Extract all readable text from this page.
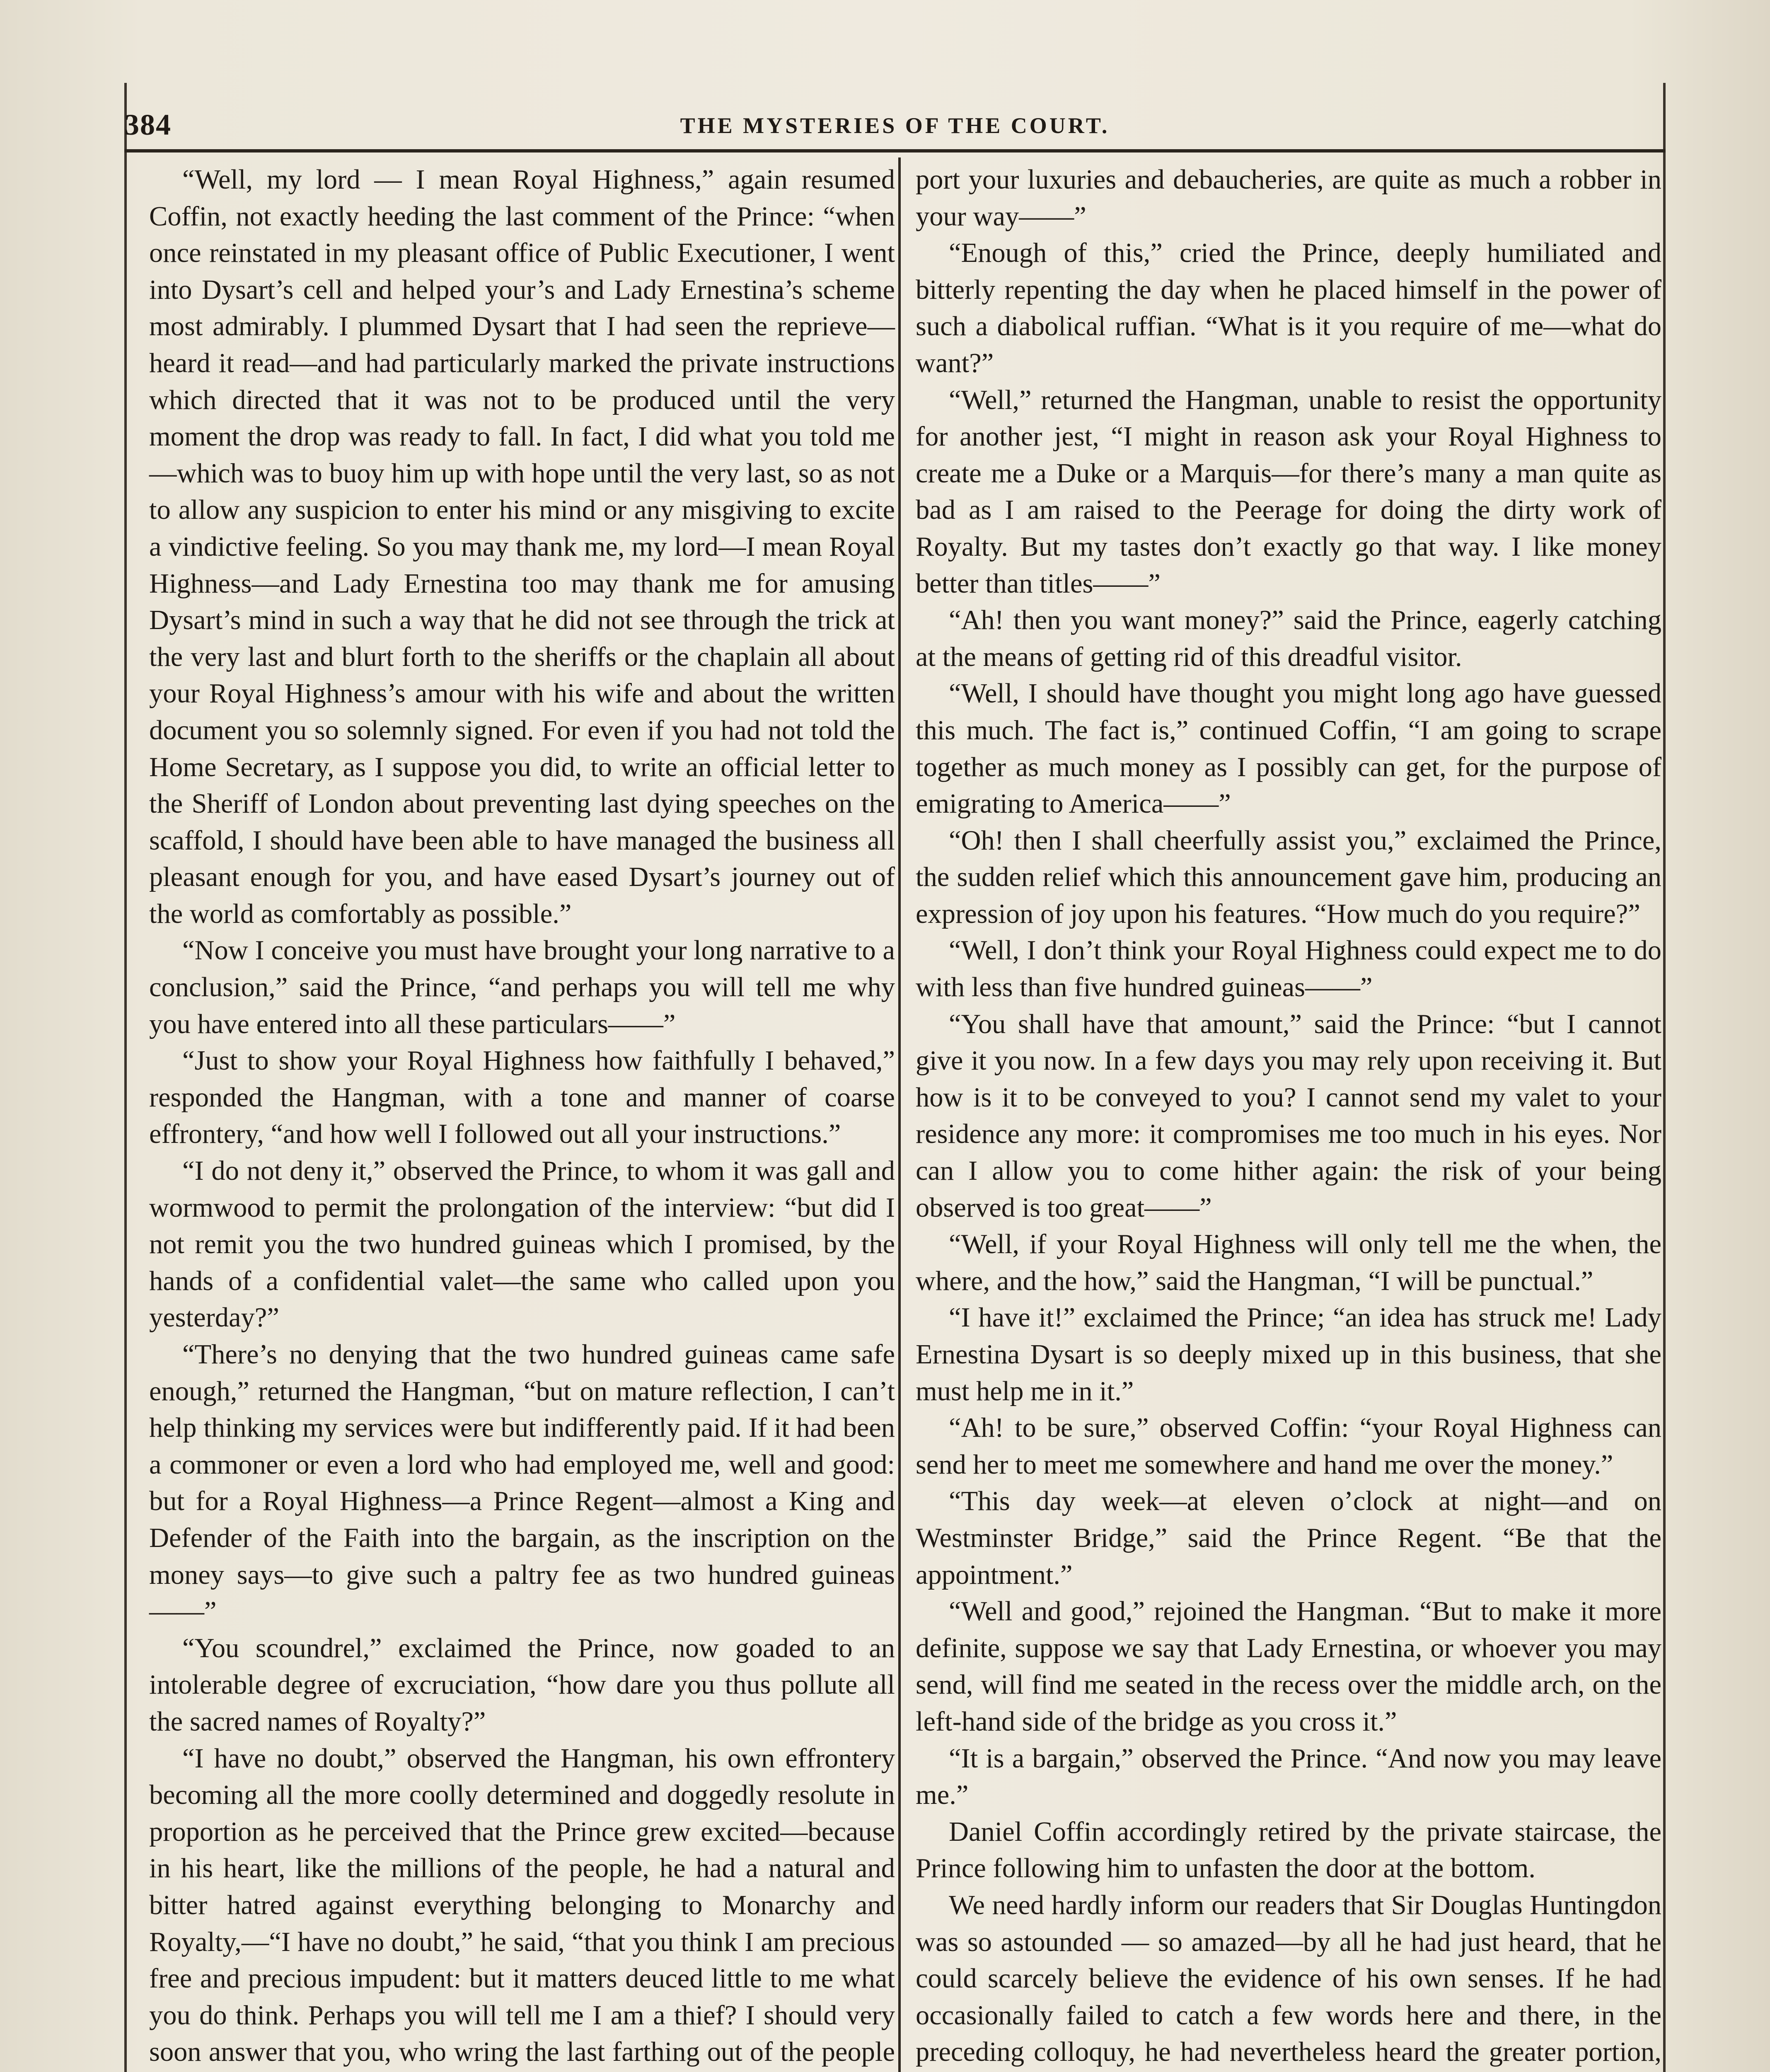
384	THE MYSTERIES OF THE COURT.

“Well, my lord — I mean Royal Highness,” again resumed Coffin, not exactly heeding the last comment of the Prince: “when once reinstated in my pleasant office of Public Executioner, I went into Dysart’s cell and helped your’s and Lady Ernestina’s scheme most admirably. I plummed Dysart that I had seen the reprieve—heard it read—and had particularly marked the private instructions which directed that it was not to be produced until the very moment the drop was ready to fall. In fact, I did what you told me —which was to buoy him up with hope until the very last, so as not to allow any suspicion to enter his mind or any misgiving to excite a vindictive feeling. So you may thank me, my lord—I mean Royal Highness—and Lady Ernestina too may thank me for amusing Dysart’s mind in such a way that he did not see through the trick at the very last and blurt forth to the sheriffs or the chaplain all about your Royal Highness’s amour with his wife and about the written document you so solemnly signed. For even if you had not told the Home Secretary, as I suppose you did, to write an official letter to the Sheriff of London about preventing last dying speeches on the scaffold, I should have been able to have managed the business all pleasant enough for you, and have eased Dysart’s journey out of the world as comfortably as possible.”

“Now I conceive you must have brought your long narrative to a conclusion,” said the Prince, “and perhaps you will tell me why you have entered into all these particulars——”

“Just to show your Royal Highness how faithfully I behaved,” responded the Hangman, with a tone and manner of coarse effrontery, “and how well I followed out all your instructions.”

“I do not deny it,” observed the Prince, to whom it was gall and wormwood to permit the prolongation of the interview: “but did I not remit you the two hundred guineas which I promised, by the hands of a confidential valet—the same who called upon you yesterday?”

“There’s no denying that the two hundred guineas came safe enough,” returned the Hangman, “but on mature reflection, I can’t help thinking my services were but indifferently paid. If it had been a commoner or even a lord who had employed me, well and good: but for a Royal Highness—a Prince Regent—almost a King and Defender of the Faith into the bargain, as the inscription on the money says—to give such a paltry fee as two hundred guineas——”

“You scoundrel,” exclaimed the Prince, now goaded to an intolerable degree of excruciation, “how dare you thus pollute all the sacred names of Royalty?”

“I have no doubt,” observed the Hangman, his own effrontery becoming all the more coolly determined and doggedly resolute in proportion as he perceived that the Prince grew excited—because in his heart, like the millions of the people, he had a natural and bitter hatred against everything belonging to Monarchy and Royalty,—“I have no doubt,” he said, “that you think I am precious free and precious impudent: but it matters deuced little to me what you do think. Perhaps you will tell me I am a thief? I should very soon answer that you, who wring the last farthing out of the people

port your luxuries and debaucheries, are quite as much a robber in your way——”

“Enough of this,” cried the Prince, deeply humiliated and bitterly repenting the day when he placed himself in the power of such a diabolical ruffian. “What is it you require of me—what do want?”

“Well,” returned the Hangman, unable to resist the opportunity for another jest, “I might in reason ask your Royal Highness to create me a Duke or a Marquis—for there’s many a man quite as bad as I am raised to the Peerage for doing the dirty work of Royalty. But my tastes don’t exactly go that way. I like money better than titles——”

“Ah! then you want money?” said the Prince, eagerly catching at the means of getting rid of this dreadful visitor.

“Well, I should have thought you might long ago have guessed this much. The fact is,” continued Coffin, “I am going to scrape together as much money as I possibly can get, for the purpose of emigrating to America——”

“Oh! then I shall cheerfully assist you,” exclaimed the Prince, the sudden relief which this announcement gave him, producing an expression of joy upon his features. “How much do you require?”

“Well, I don’t think your Royal Highness could expect me to do with less than five hundred guineas——”

“You shall have that amount,” said the Prince: “but I cannot give it you now. In a few days you may rely upon receiving it. But how is it to be conveyed to you? I cannot send my valet to your residence any more: it compromises me too much in his eyes. Nor can I allow you to come hither again: the risk of your being observed is too great——”

“Well, if your Royal Highness will only tell me the when, the where, and the how,” said the Hangman, “I will be punctual.”

“I have it!” exclaimed the Prince; “an idea has struck me! Lady Ernestina Dysart is so deeply mixed up in this business, that she must help me in it.”

“Ah! to be sure,” observed Coffin: “your Royal Highness can send her to meet me somewhere and hand me over the money.”

“This day week—at eleven o’clock at night—and on Westminster Bridge,” said the Prince Regent. “Be that the appointment.”

“Well and good,” rejoined the Hangman. “But to make it more definite, suppose we say that Lady Ernestina, or whoever you may send, will find me seated in the recess over the middle arch, on the left-hand side of the bridge as you cross it.”

“It is a bargain,” observed the Prince. “And now you may leave me.”

Daniel Coffin accordingly retired by the private staircase, the Prince following him to unfasten the door at the bottom.

We need hardly inform our readers that Sir Douglas Huntingdon was so astounded — so amazed—by all he had just heard, that he could scarcely believe the evidence of his own senses. If he had occasionally failed to catch a few words here and there, in the preceding colloquy, he had nevertheless heard the greater portion,
